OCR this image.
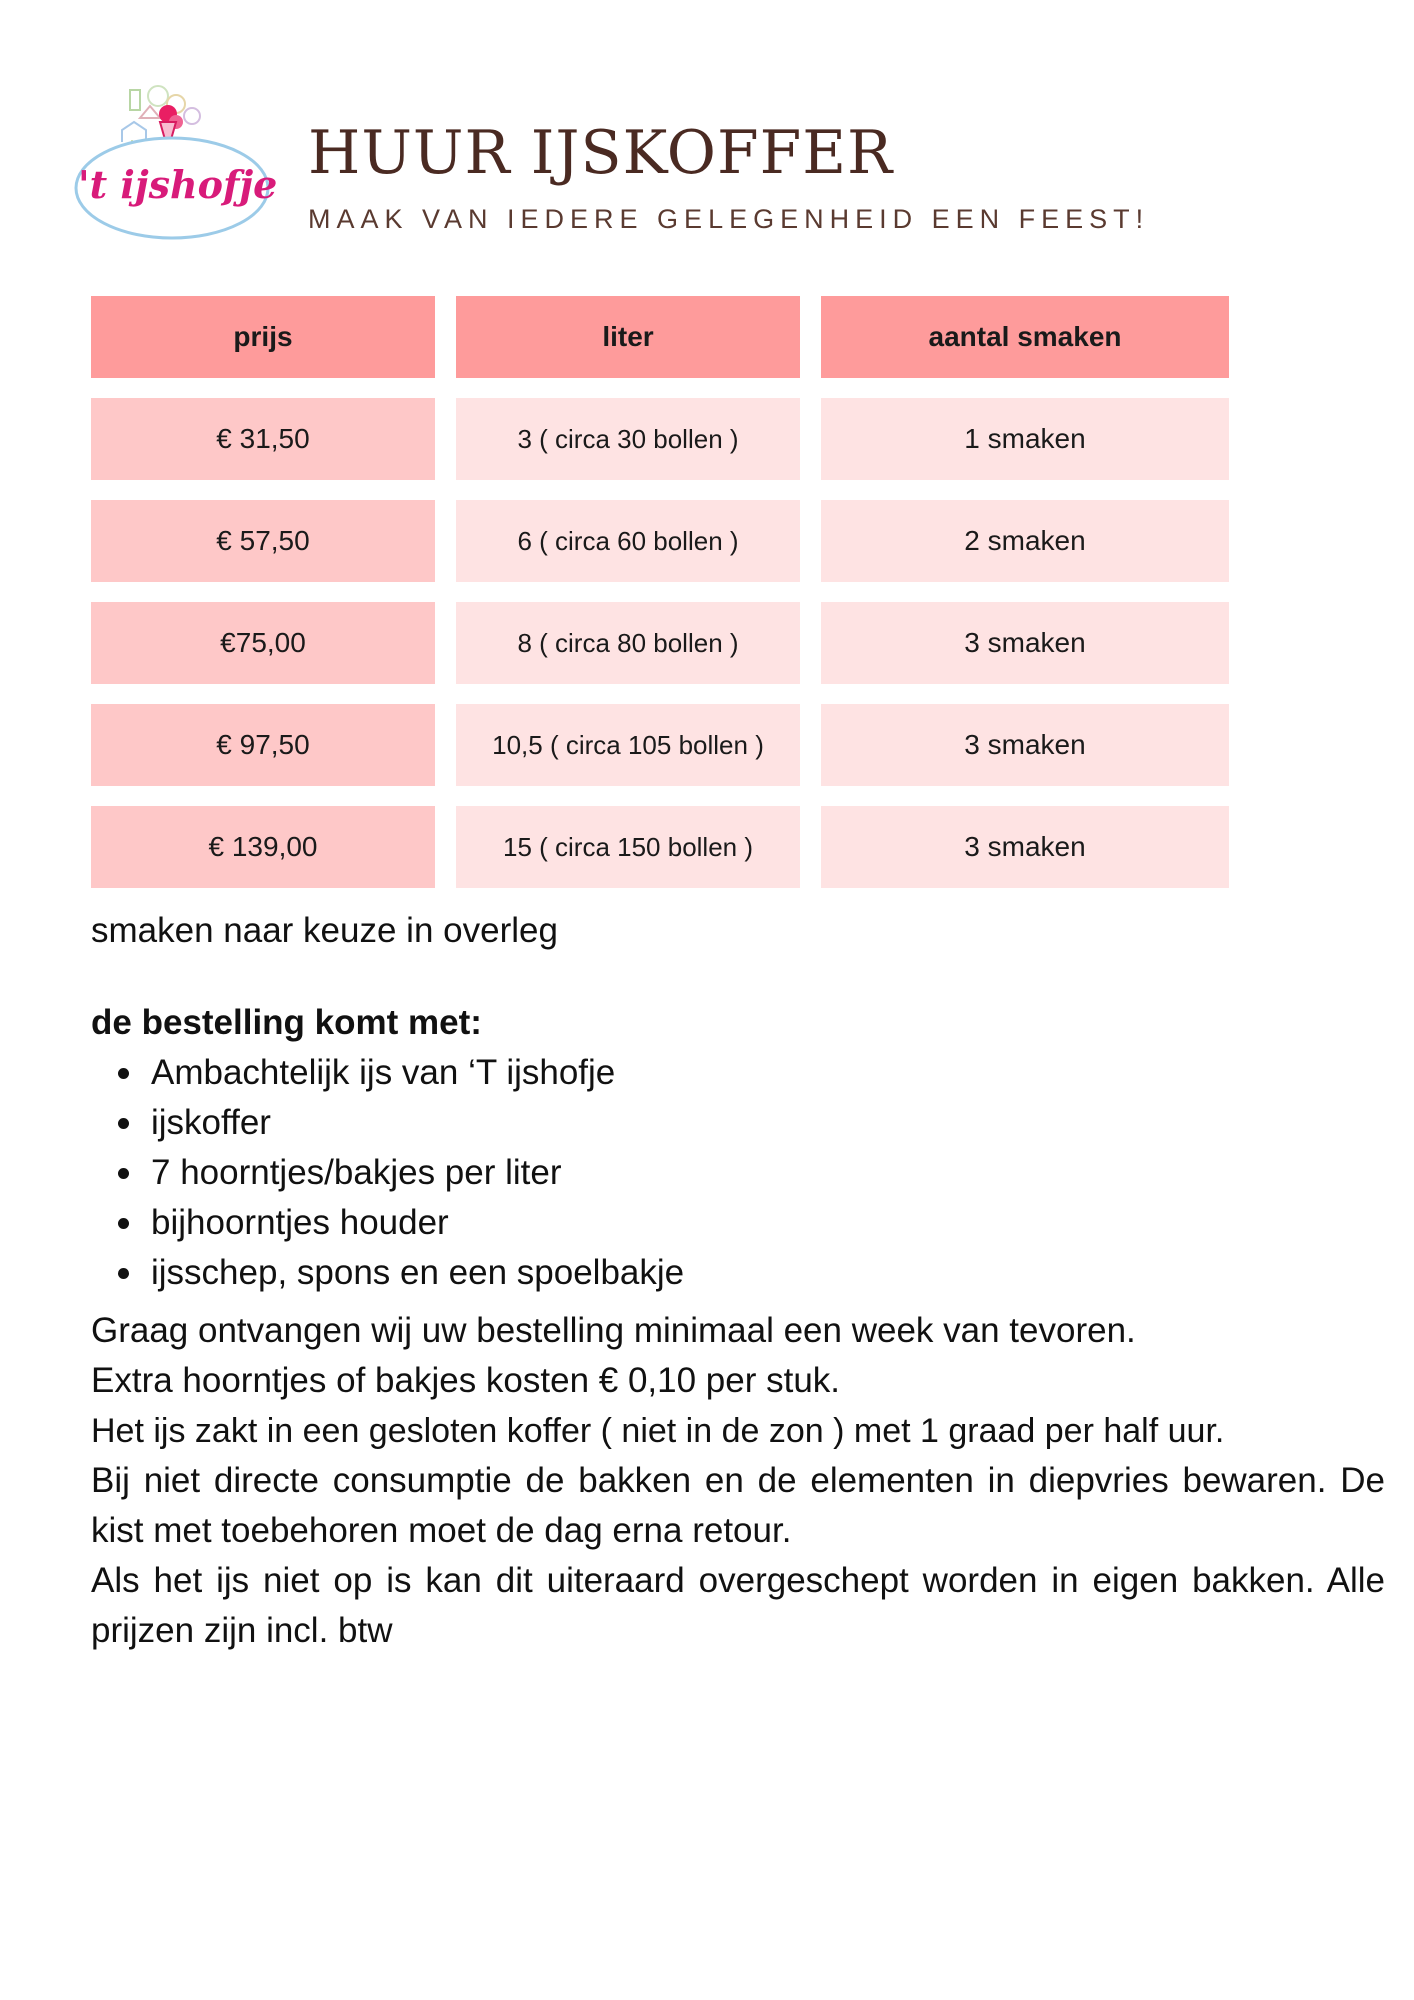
't ijshofje HUUR IJSKOFFER
MAAK VAN IEDERE GELEGENHEID EEN FEEST!
prijs	liter	aantal smaken
€ 31,50	3 ( circa 30 bollen )	1 smaken
€ 57,50	6 ( circa 60 bollen )	2 smaken
€75,00	8 ( circa 80 bollen )	3 smaken
€ 97,50	10,5 ( circa 105 bollen )	3 smaken
€ 139,00	15 ( circa 150 bollen )	3 smaken
smaken naar keuze in overleg
de bestelling komt met:
Ambachtelijk ijs van ‘T ijshofje
ijskoffer
7 hoorntjes/bakjes per liter
bijhoorntjes houder
ijsschep, spons en een spoelbakje

Graag ontvangen wij uw bestelling minimaal een week van tevoren.

Extra hoorntjes of bakjes kosten € 0,10 per stuk.

Het ijs zakt in een gesloten koffer ( niet in de zon ) met 1 graad per half uur.

Bij niet directe consumptie de bakken en de elementen in diepvries bewaren. De kist met toebehoren moet de dag erna retour.

Als het ijs niet op is kan dit uiteraard overgeschept worden in eigen bakken. Alle prijzen zijn incl. btw
